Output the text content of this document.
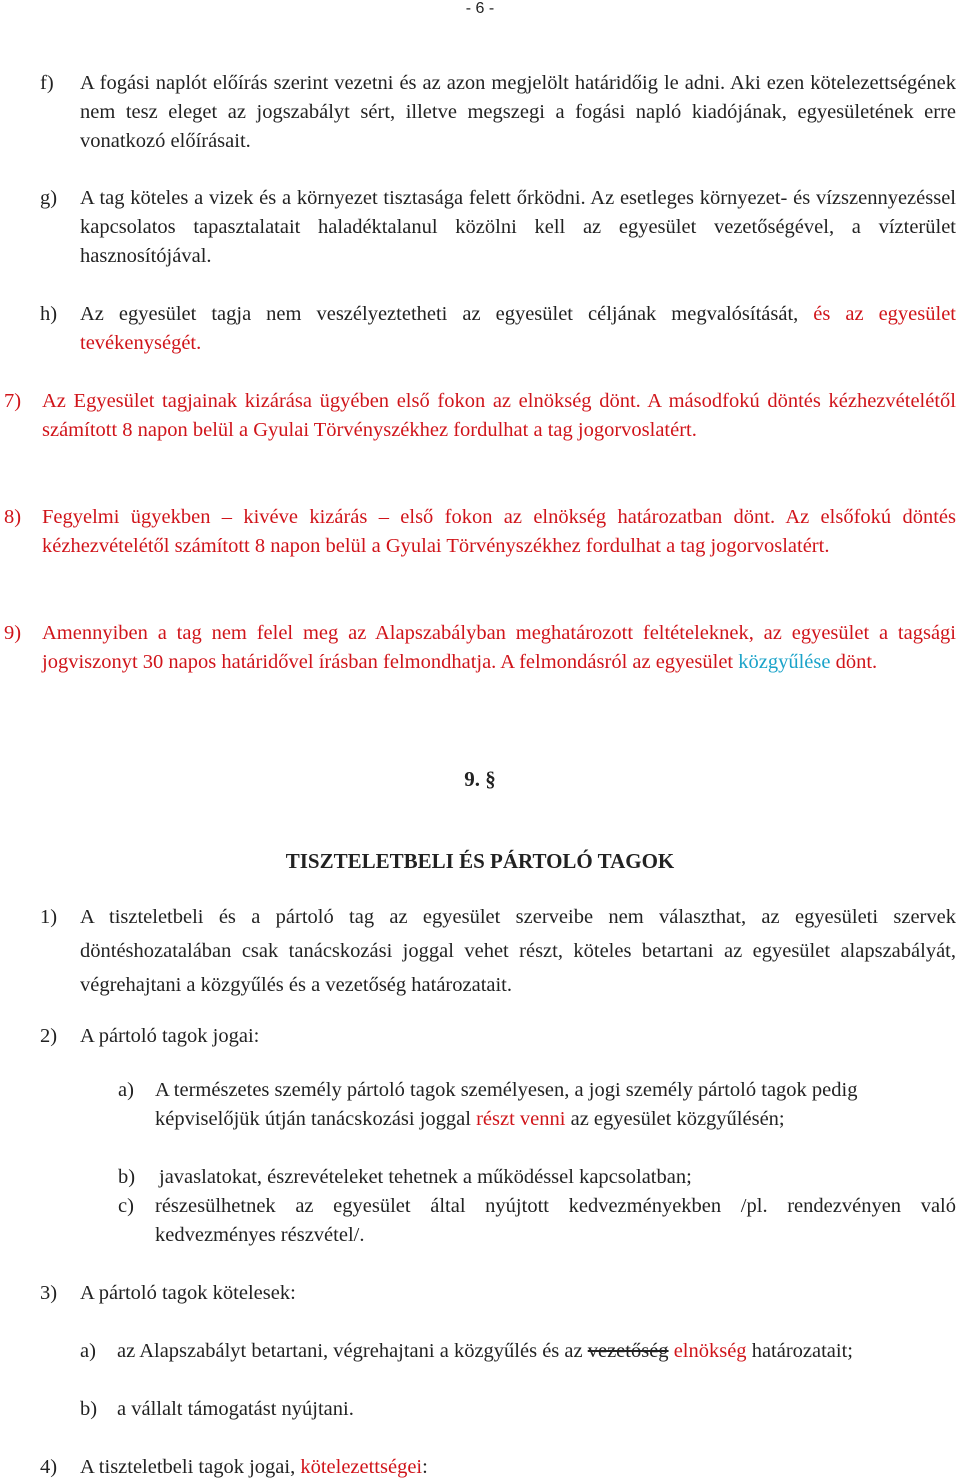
- 6 -
f) A fogási naplót előírás szerint vezetni és az azon megjelölt határidőig le adni. Aki ezen kötelezettségének nem tesz eleget az jogszabályt sért, illetve megszegi a fogási napló kiadójának, egyesületének erre vonatkozó előírásait.
g) A tag köteles a vizek és a környezet tisztasága felett őrködni. Az esetleges környezet- és vízszennyezéssel kapcsolatos tapasztalatait haladéktalanul közölni kell az egyesület vezetőségével, a vízterület hasznosítójával.
h) Az egyesület tagja nem veszélyeztetheti az egyesület céljának megvalósítását, és az egyesület tevékenységét.
7) Az Egyesület tagjainak kizárása ügyében első fokon az elnökség dönt. A másodfokú döntés kézhezvételétől számított 8 napon belül a Gyulai Törvényszékhez fordulhat a tag jogorvoslatért.
8) Fegyelmi ügyekben – kivéve kizárás – első fokon az elnökség határozatban dönt. Az elsőfokú döntés kézhezvételétől számított 8 napon belül a Gyulai Törvényszékhez fordulhat a tag jogorvoslatért.
9) Amennyiben a tag nem felel meg az Alapszabályban meghatározott feltételeknek, az egyesület a tagsági jogviszonyt 30 napos határidővel írásban felmondhatja. A felmondásról az egyesület közgyűlése dönt.
9. §
TISZTELETBELI ÉS PÁRTOLÓ TAGOK
1) A tiszteletbeli és a pártoló tag az egyesület szerveibe nem választhat, az egyesületi szervek döntéshozatalában csak tanácskozási joggal vehet részt, köteles betartani az egyesület alapszabályát, végrehajtani a közgyűlés és a vezetőség határozatait.
2) A pártoló tagok jogai:
a) A természetes személy pártoló tagok személyesen, a jogi személy pártoló tagok pedig képviselőjük útján tanácskozási joggal részt venni az egyesület közgyűlésén;
b) javaslatokat, észrevételeket tehetnek a működéssel kapcsolatban;
c) részesülhetnek az egyesület által nyújtott kedvezményekben /pl. rendezvényen való kedvezményes részvétel/.
3) A pártoló tagok kötelesek:
a) az Alapszabályt betartani, végrehajtani a közgyűlés és az vezetőség elnökség határozatait;
b) a vállalt támogatást nyújtani.
4) A tiszteletbeli tagok jogai, kötelezettségei:
